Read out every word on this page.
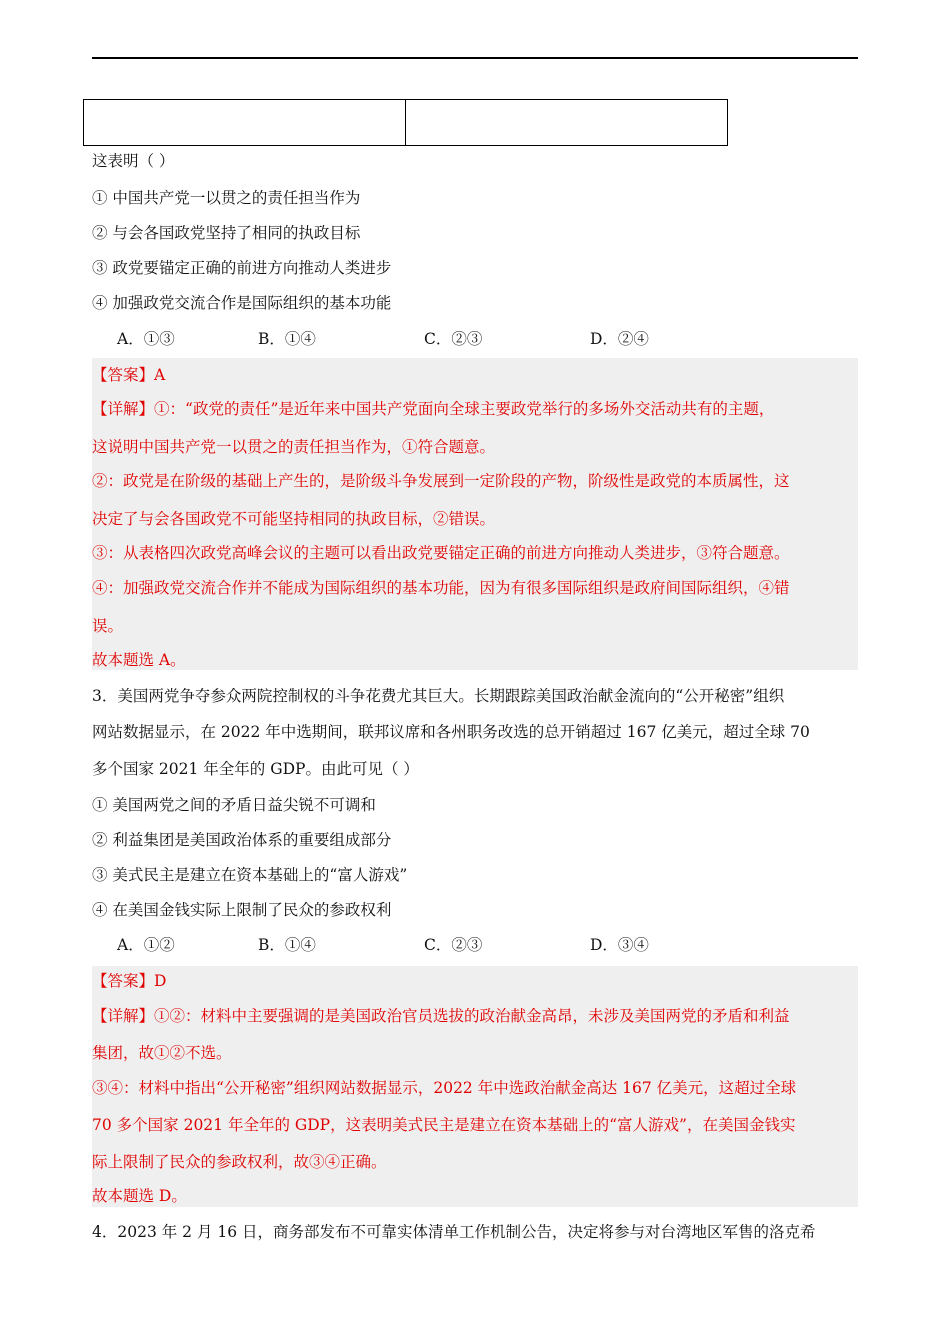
这表明（ ）
① 中国共产党一以贯之的责任担当作为
② 与会各国政党坚持了相同的执政目标
③ 政党要锚定正确的前进方向推动人类进步
④ 加强政党交流合作是国际组织的基本功能
A．①③	B．①④	C．②③	D．②④
【答案】A
【详解】①：“政党的责任”是近年来中国共产党面向全球主要政党举行的多场外交活动共有的主题，
这说明中国共产党一以贯之的责任担当作为，①符合题意。
②：政党是在阶级的基础上产生的，是阶级斗争发展到一定阶段的产物，阶级性是政党的本质属性，这
决定了与会各国政党不可能坚持相同的执政目标，②错误。
③：从表格四次政党高峰会议的主题可以看出政党要锚定正确的前进方向推动人类进步，③符合题意。
④：加强政党交流合作并不能成为国际组织的基本功能，因为有很多国际组织是政府间国际组织，④错
误。
故本题选 A。
3．美国两党争夺参众两院控制权的斗争花费尤其巨大。长期跟踪美国政治献金流向的“公开秘密”组织
网站数据显示，在 2022 年中选期间，联邦议席和各州职务改选的总开销超过 167 亿美元，超过全球 70
多个国家 2021 年全年的 GDP。由此可见（ ）
① 美国两党之间的矛盾日益尖锐不可调和
② 利益集团是美国政治体系的重要组成部分
③ 美式民主是建立在资本基础上的“富人游戏”
④ 在美国金钱实际上限制了民众的参政权利
A．①②	B．①④	C．②③	D．③④
【答案】D
【详解】①②：材料中主要强调的是美国政治官员选拔的政治献金高昂，未涉及美国两党的矛盾和利益
集团，故①②不选。
③④：材料中指出“公开秘密”组织网站数据显示，2022 年中选政治献金高达 167 亿美元，这超过全球
70 多个国家 2021 年全年的 GDP，这表明美式民主是建立在资本基础上的“富人游戏”，在美国金钱实
际上限制了民众的参政权利，故③④正确。
故本题选 D。
4．2023 年 2 月 16 日，商务部发布不可靠实体清单工作机制公告，决定将参与对台湾地区军售的洛克希
